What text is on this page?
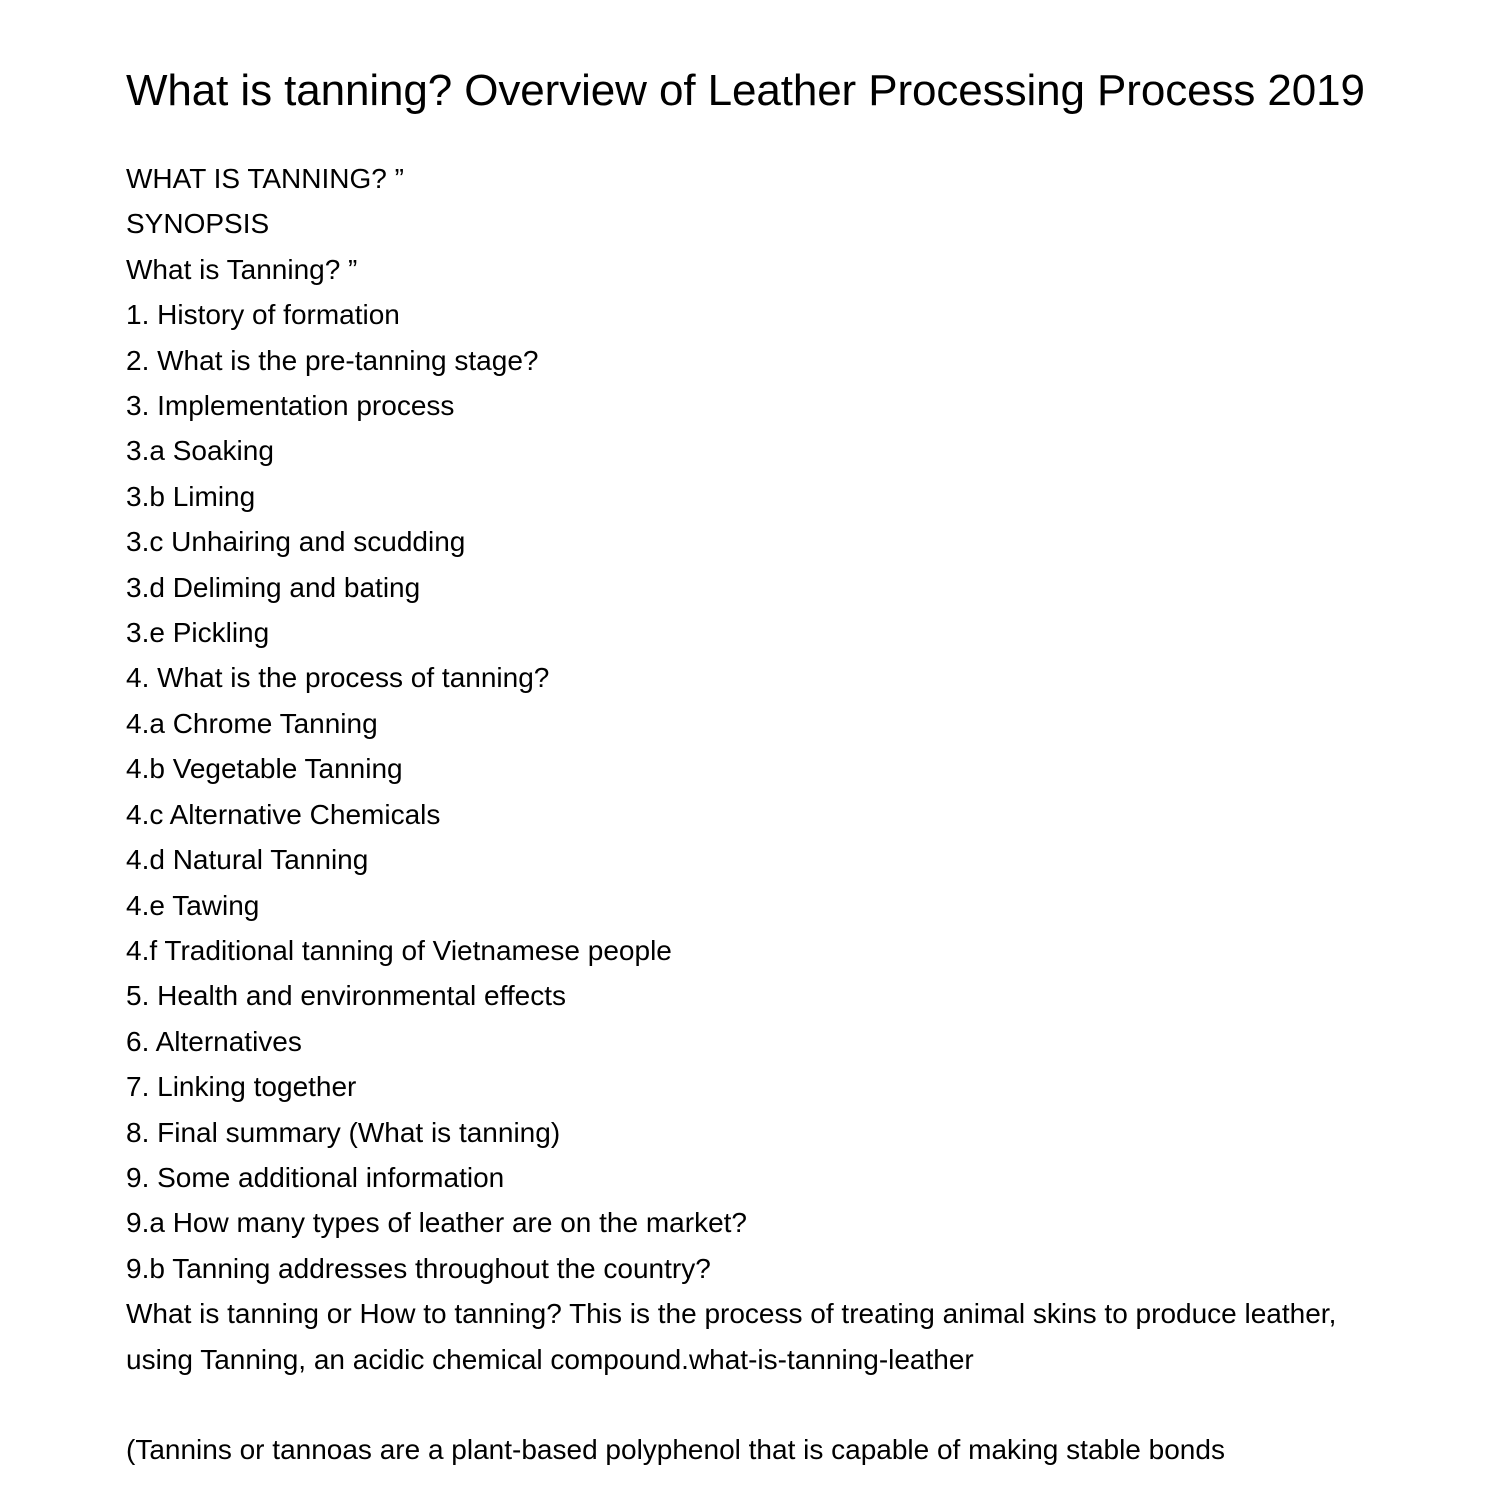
What is tanning? Overview of Leather Processing Process 2019
WHAT IS TANNING? ”
SYNOPSIS
What is Tanning? ”
1. History of formation
2. What is the pre-tanning stage?
3. Implementation process
3.a Soaking
3.b Liming
3.c Unhairing and scudding
3.d Deliming and bating
3.e Pickling
4. What is the process of tanning?
4.a Chrome Tanning
4.b Vegetable Tanning
4.c Alternative Chemicals
4.d Natural Tanning
4.e Tawing
4.f Traditional tanning of Vietnamese people
5. Health and environmental effects
6. Alternatives
7. Linking together
8. Final summary (What is tanning)
9. Some additional information
9.a How many types of leather are on the market?
9.b Tanning addresses throughout the country?

What is tanning or How to tanning? This is the process of treating animal skins to produce leather, using Tanning, an acidic chemical compound.what-is-tanning-leather

(Tannins or tannoas are a plant-based polyphenol that is capable of making stable bonds
